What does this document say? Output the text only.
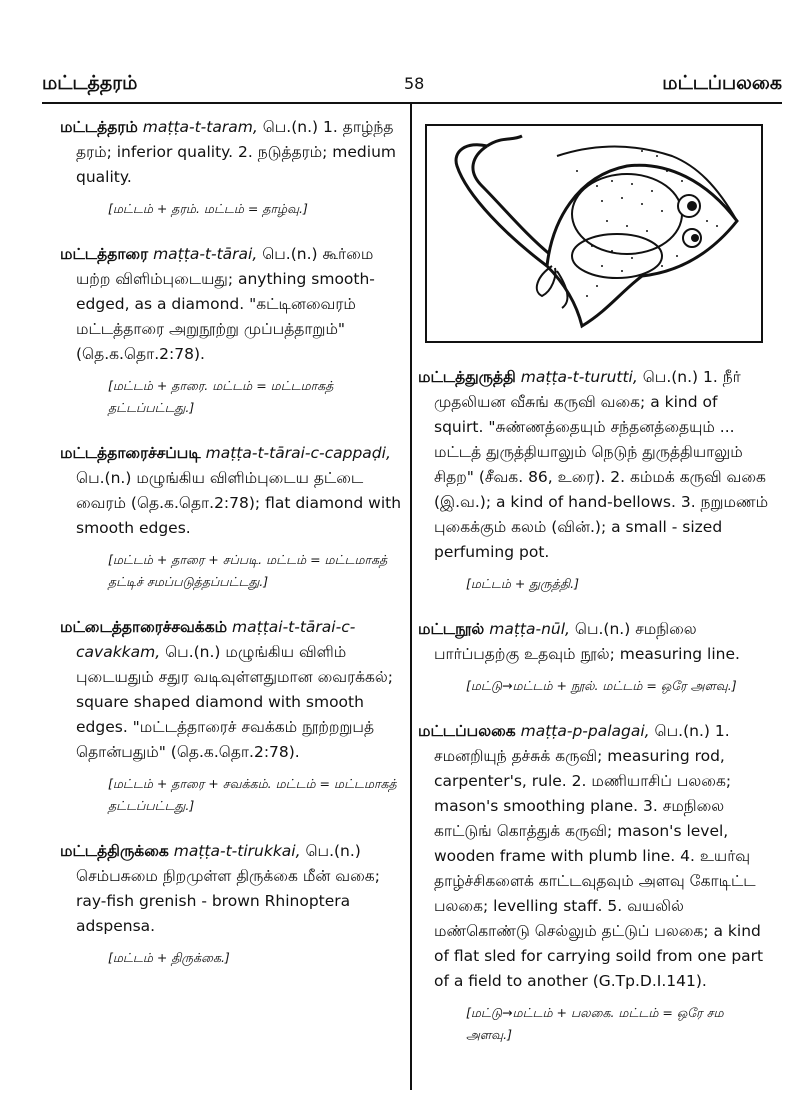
மட்டத்தரம்	58	மட்டப்பலகை

மட்டத்தரம் maṭṭa-t-taram, பெ.(n.) 1. தாழ்ந்த தரம்; inferior quality. 2. நடுத்தரம்; medium quality.

[மட்டம் + தரம். மட்டம் = தாழ்வு.]

மட்டத்தாரை maṭṭa-t-tārai, பெ.(n.) கூர்மை யற்ற விளிம்புடையது; anything smooth-edged, as a diamond. "கட்டினவைரம் மட்டத்தாரை அறுநூற்று முப்பத்தாறும்" (தெ.க.தொ.2:78).

[மட்டம் + தாரை. மட்டம் = மட்டமாகத் தட்டப்பட்டது.]

மட்டத்தாரைச்சப்படி maṭṭa-t-tārai-c-cappaḍi, பெ.(n.) மழுங்கிய விளிம்புடைய தட்டை வைரம் (தெ.க.தொ.2:78); flat diamond with smooth edges.

[மட்டம் + தாரை + சப்படி. மட்டம் = மட்டமாகத் தட்டிச் சமப்படுத்தப்பட்டது.]

மட்டைத்தாரைச்சவக்கம் maṭṭai-t-tārai-c-cavakkam, பெ.(n.) மழுங்கிய விளிம் புடையதும் சதுர வடிவுள்ளதுமான வைரக்கல்; square shaped diamond with smooth edges. "மட்டத்தாரைச் சவக்கம் நூற்றறுபத் தொன்பதும்" (தெ.க.தொ.2:78).

[மட்டம் + தாரை + சவக்கம். மட்டம் = மட்டமாகத் தட்டப்பட்டது.]

மட்டத்திருக்கை maṭṭa-t-tirukkai, பெ.(n.) செம்பசுமை நிறமுள்ள திருக்கை மீன் வகை; ray-fish grenish - brown Rhinoptera adspensa.

[மட்டம் + திருக்கை.]

மட்டத்துருத்தி maṭṭa-t-turutti, பெ.(n.) 1. நீர் முதலியன வீசுங் கருவி வகை; a kind of squirt. "சுண்ணத்தையும் சந்தனத்தையும் ... மட்டத் துருத்தியாலும் நெடுந் துருத்தியாலும் சிதற" (சீவக. 86, உரை). 2. கம்மக் கருவி வகை (இ.வ.); a kind of hand-bellows. 3. நறுமணம் புகைக்கும் கலம் (வின்.); a small - sized perfuming pot.

[மட்டம் + துருத்தி.]

மட்டநூல் maṭṭa-nūl, பெ.(n.) சமநிலை பார்ப்பதற்கு உதவும் நூல்; measuring line.

[மட்டு→மட்டம் + நூல். மட்டம் = ஒரே அளவு.]

மட்டப்பலகை maṭṭa-p-palagai, பெ.(n.) 1. சமனறியுந் தச்சுக் கருவி; measuring rod, carpenter's, rule. 2. மணியாசிப் பலகை; mason's smoothing plane. 3. சமநிலை காட்டுங் கொத்துக் கருவி; mason's level, wooden frame with plumb line. 4. உயர்வு தாழ்ச்சிகளைக் காட்டவுதவும் அளவு கோடிட்ட பலகை; levelling staff. 5. வயலில் மண்கொண்டு செல்லும் தட்டுப் பலகை; a kind of flat sled for carrying soild from one part of a field to another (G.Tp.D.I.141).

[மட்டு→மட்டம் + பலகை. மட்டம் = ஒரே சம அளவு.]
